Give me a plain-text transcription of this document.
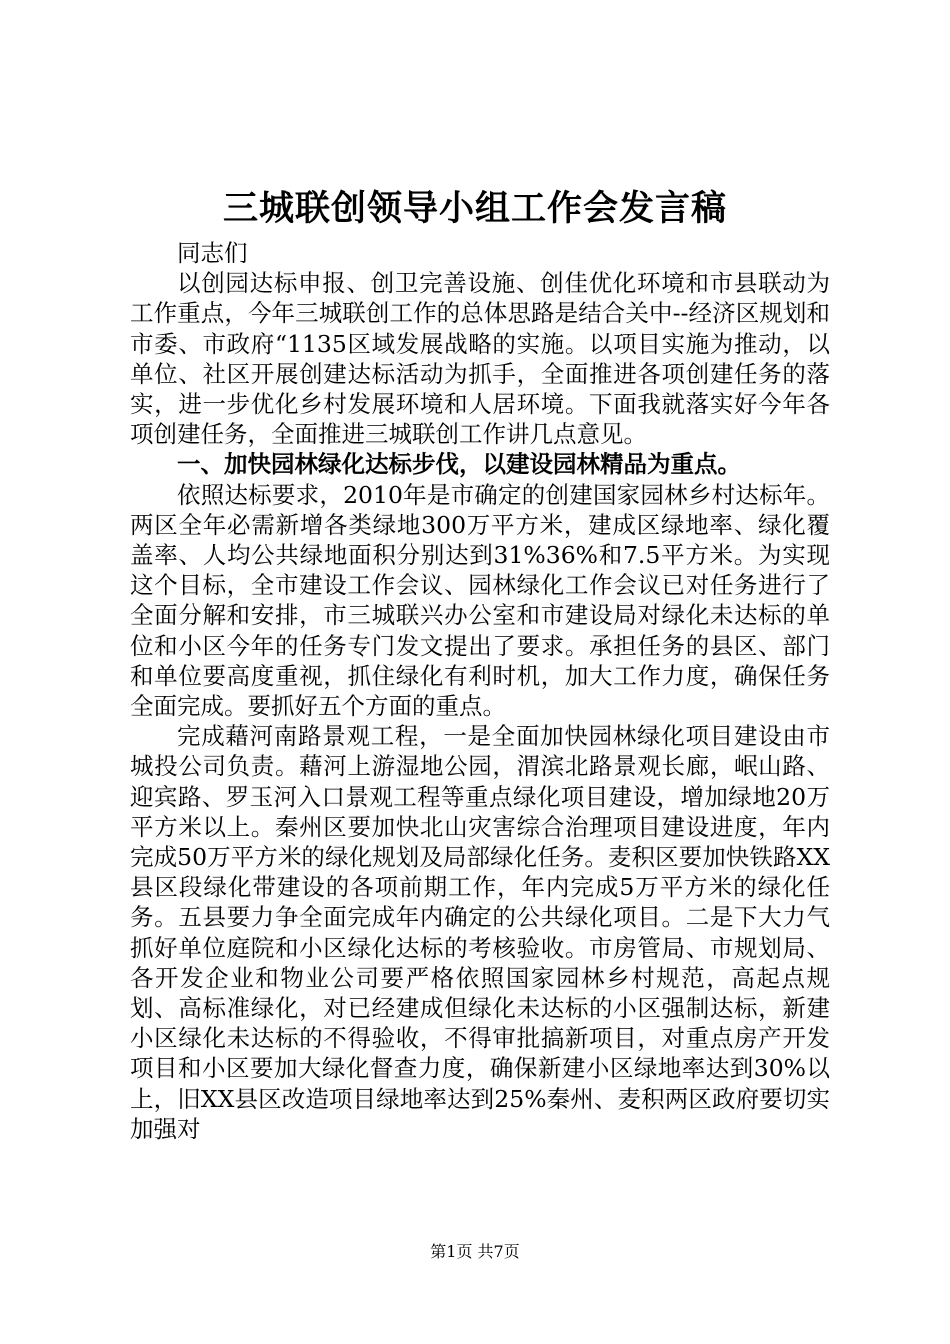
三城联创领导小组工作会发言稿

同志们

以创园达标申报、创卫完善设施、创佳优化环境和市县联动为工作重点，今年三城联创工作的总体思路是结合关中--经济区规划和市委、市政府“1135区域发展战略的实施。以项目实施为推动，以单位、社区开展创建达标活动为抓手，全面推进各项创建任务的落实，进一步优化乡村发展环境和人居环境。下面我就落实好今年各项创建任务，全面推进三城联创工作讲几点意见。

一、加快园林绿化达标步伐，以建设园林精品为重点。

依照达标要求，2010年是市确定的创建国家园林乡村达标年。两区全年必需新增各类绿地300万平方米，建成区绿地率、绿化覆盖率、人均公共绿地面积分别达到31%36%和7.5平方米。为实现这个目标，全市建设工作会议、园林绿化工作会议已对任务进行了全面分解和安排，市三城联兴办公室和市建设局对绿化未达标的单位和小区今年的任务专门发文提出了要求。承担任务的县区、部门和单位要高度重视，抓住绿化有利时机，加大工作力度，确保任务全面完成。要抓好五个方面的重点。

完成藉河南路景观工程，一是全面加快园林绿化项目建设由市城投公司负责。藉河上游湿地公园，渭滨北路景观长廊，岷山路、迎宾路、罗玉河入口景观工程等重点绿化项目建设，增加绿地20万平方米以上。秦州区要加快北山灾害综合治理项目建设进度，年内完成50万平方米的绿化规划及局部绿化任务。麦积区要加快铁路XX县区段绿化带建设的各项前期工作，年内完成5万平方米的绿化任务。五县要力争全面完成年内确定的公共绿化项目。二是下大力气抓好单位庭院和小区绿化达标的考核验收。市房管局、市规划局、各开发企业和物业公司要严格依照国家园林乡村规范，高起点规划、高标准绿化，对已经建成但绿化未达标的小区强制达标，新建小区绿化未达标的不得验收，不得审批搞新项目，对重点房产开发项目和小区要加大绿化督查力度，确保新建小区绿地率达到30%以上，旧XX县区改造项目绿地率达到25%秦州、麦积两区政府要切实加强对

第1页 共7页
